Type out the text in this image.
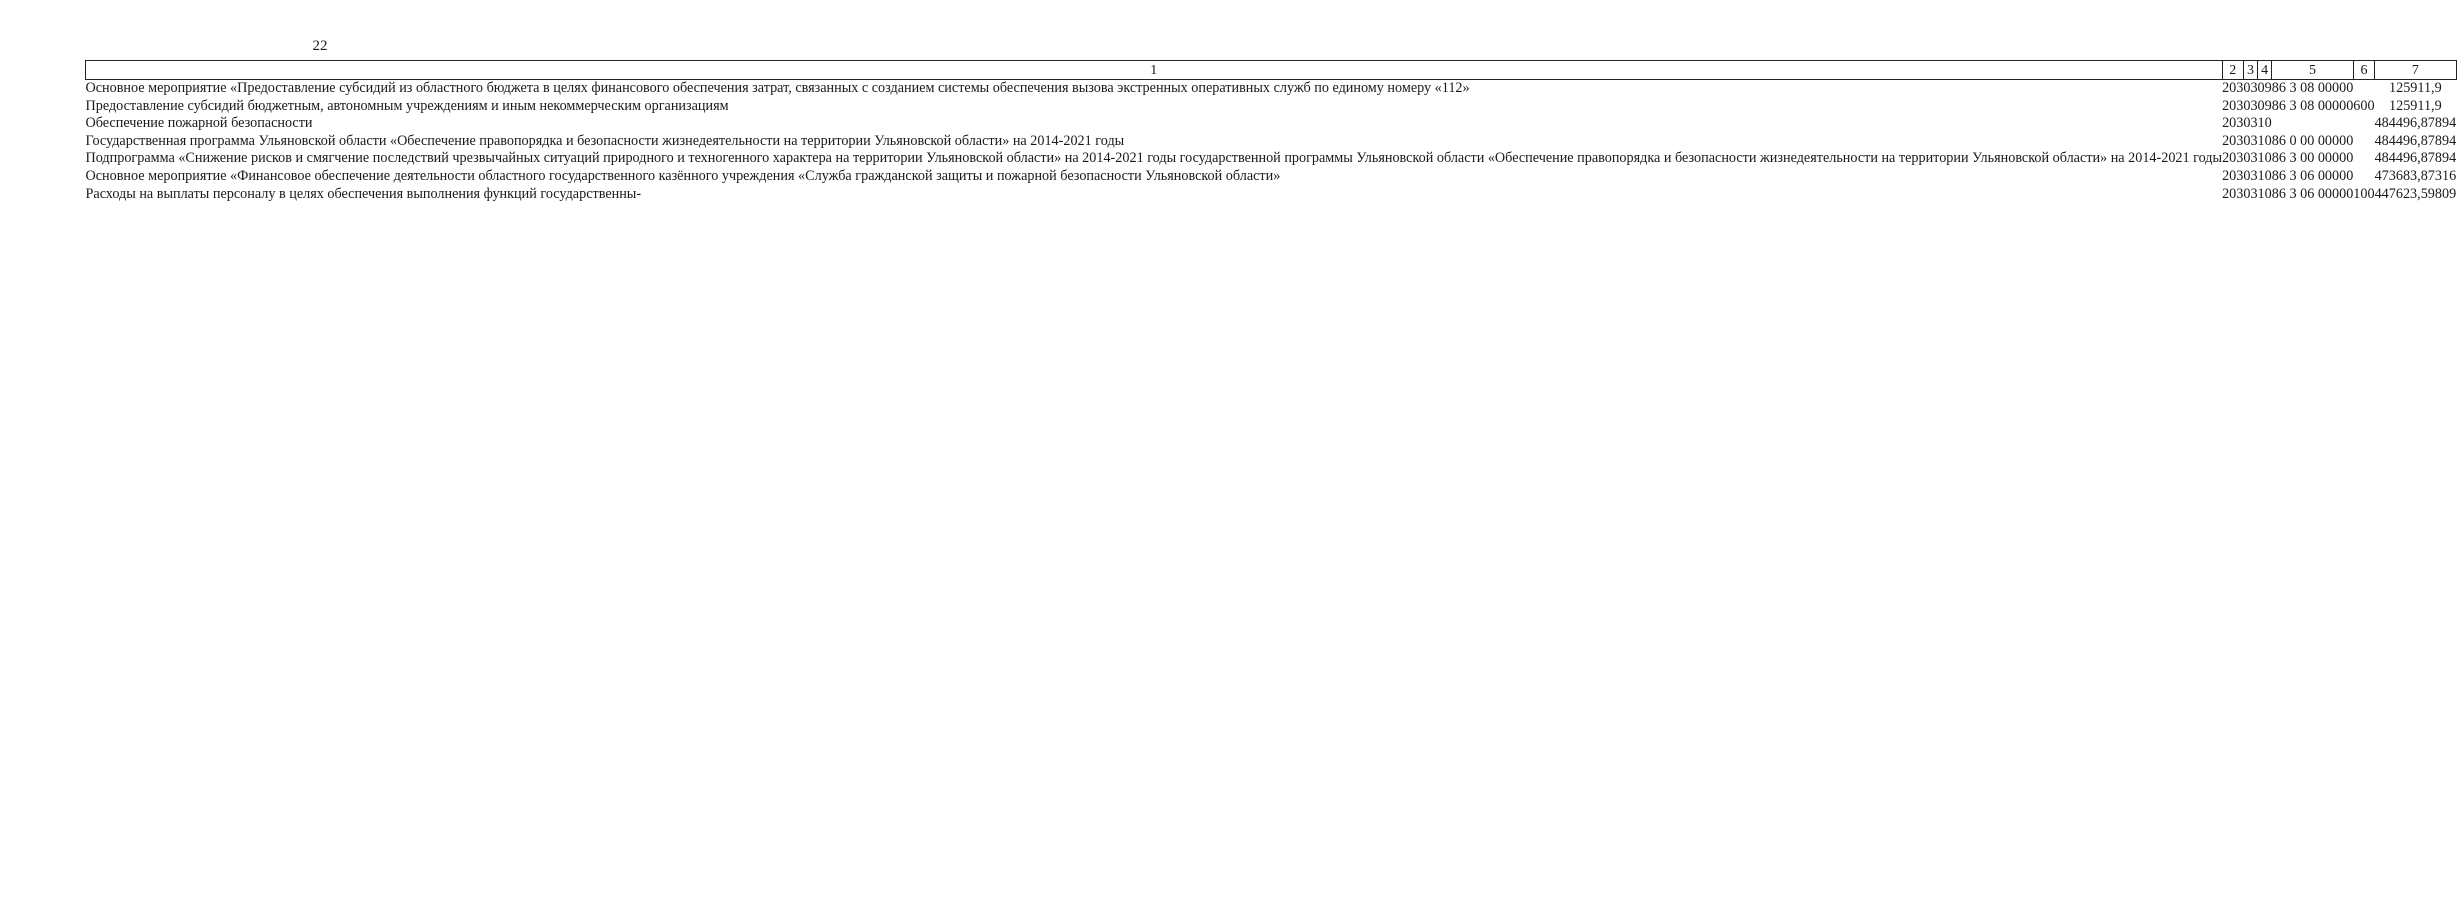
22
1	2	3	4	5	6	7
Основное мероприятие «Предоставление субсидий из областного бюджета в целях финансового обеспечения затрат, связанных с созданием системы обеспечения вызова экстренных оперативных служб по единому номеру «112»	203	03	09	86 3 08 00000		125911,9
Предоставление субсидий бюджетным, автономным учреждениям и иным некоммерческим организациям	203	03	09	86 3 08 00000	600	125911,9
Обеспечение пожарной безопасности	203	03	10			484496,87894
Государственная программа Ульяновской области «Обеспечение правопорядка и безопасности жизнедеятельности на территории Ульяновской области» на 2014-2021 годы	203	03	10	86 0 00 00000		484496,87894
Подпрограмма «Снижение рисков и смягчение последствий чрезвычайных ситуаций природного и техногенного характера на территории Ульяновской области» на 2014-2021 годы государственной программы Ульяновской области «Обеспечение правопорядка и безопасности жизнедеятельности на территории Ульяновской области» на 2014-2021 годы	203	03	10	86 3 00 00000		484496,87894
Основное мероприятие «Финансовое обеспечение деятельности областного государственного казённого учреждения «Служба гражданской защиты и пожарной безопасности Ульяновской области»	203	03	10	86 3 06 00000		473683,87316
Расходы на выплаты персоналу в целях обеспечения выполнения функций государственны-	203	03	10	86 3 06 00000	100	447623,59809
